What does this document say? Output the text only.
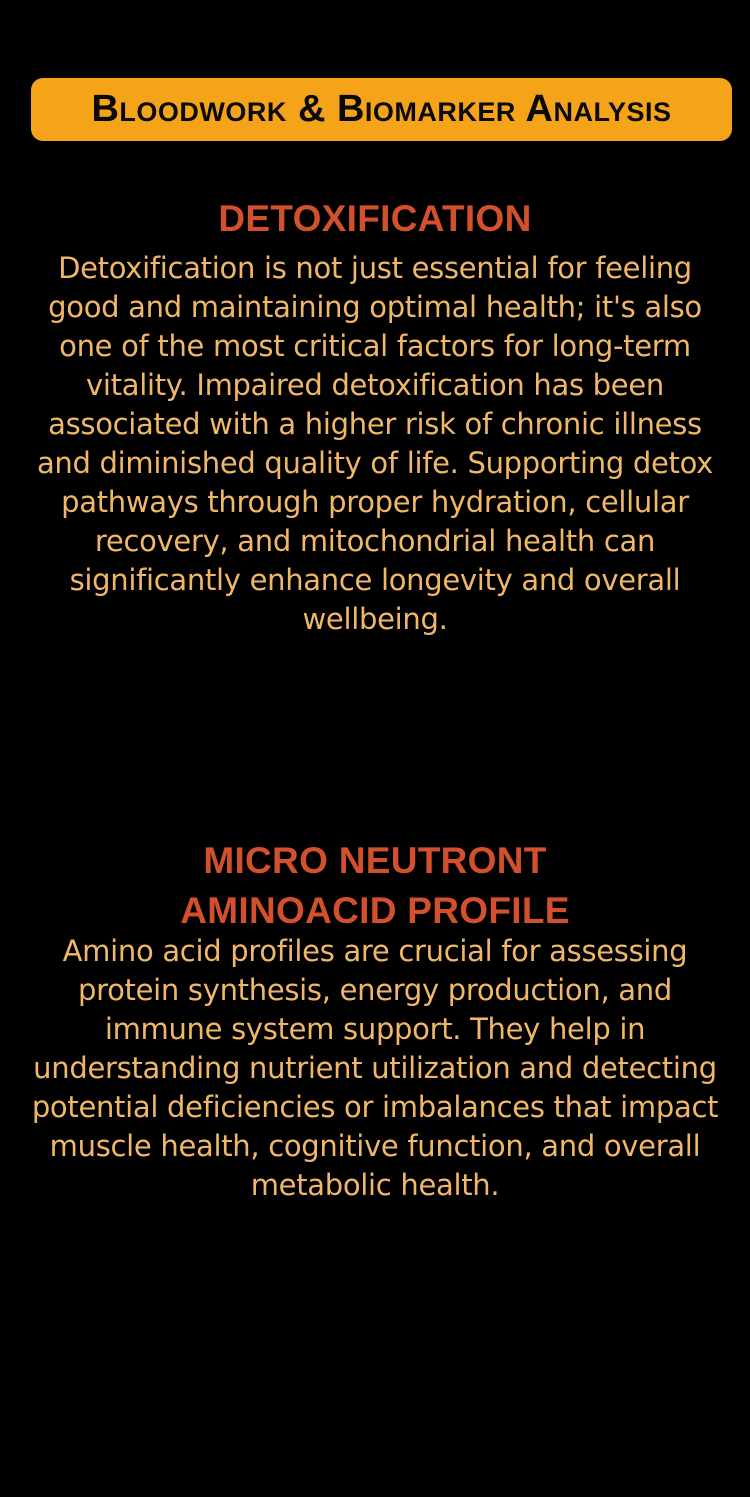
Bloodwork & Biomarker Analysis
DETOXIFICATION
Detoxification is not just essential for feeling good and maintaining optimal health; it's also one of the most critical factors for long-term vitality. Impaired detoxification has been associated with a higher risk of chronic illness and diminished quality of life. Supporting detox pathways through proper hydration, cellular recovery, and mitochondrial health can significantly enhance longevity and overall wellbeing.
MICRO NEUTRONT
AMINOACID PROFILE
Amino acid profiles are crucial for assessing protein synthesis, energy production, and immune system support. They help in understanding nutrient utilization and detecting potential deficiencies or imbalances that impact muscle health, cognitive function, and overall metabolic health.
